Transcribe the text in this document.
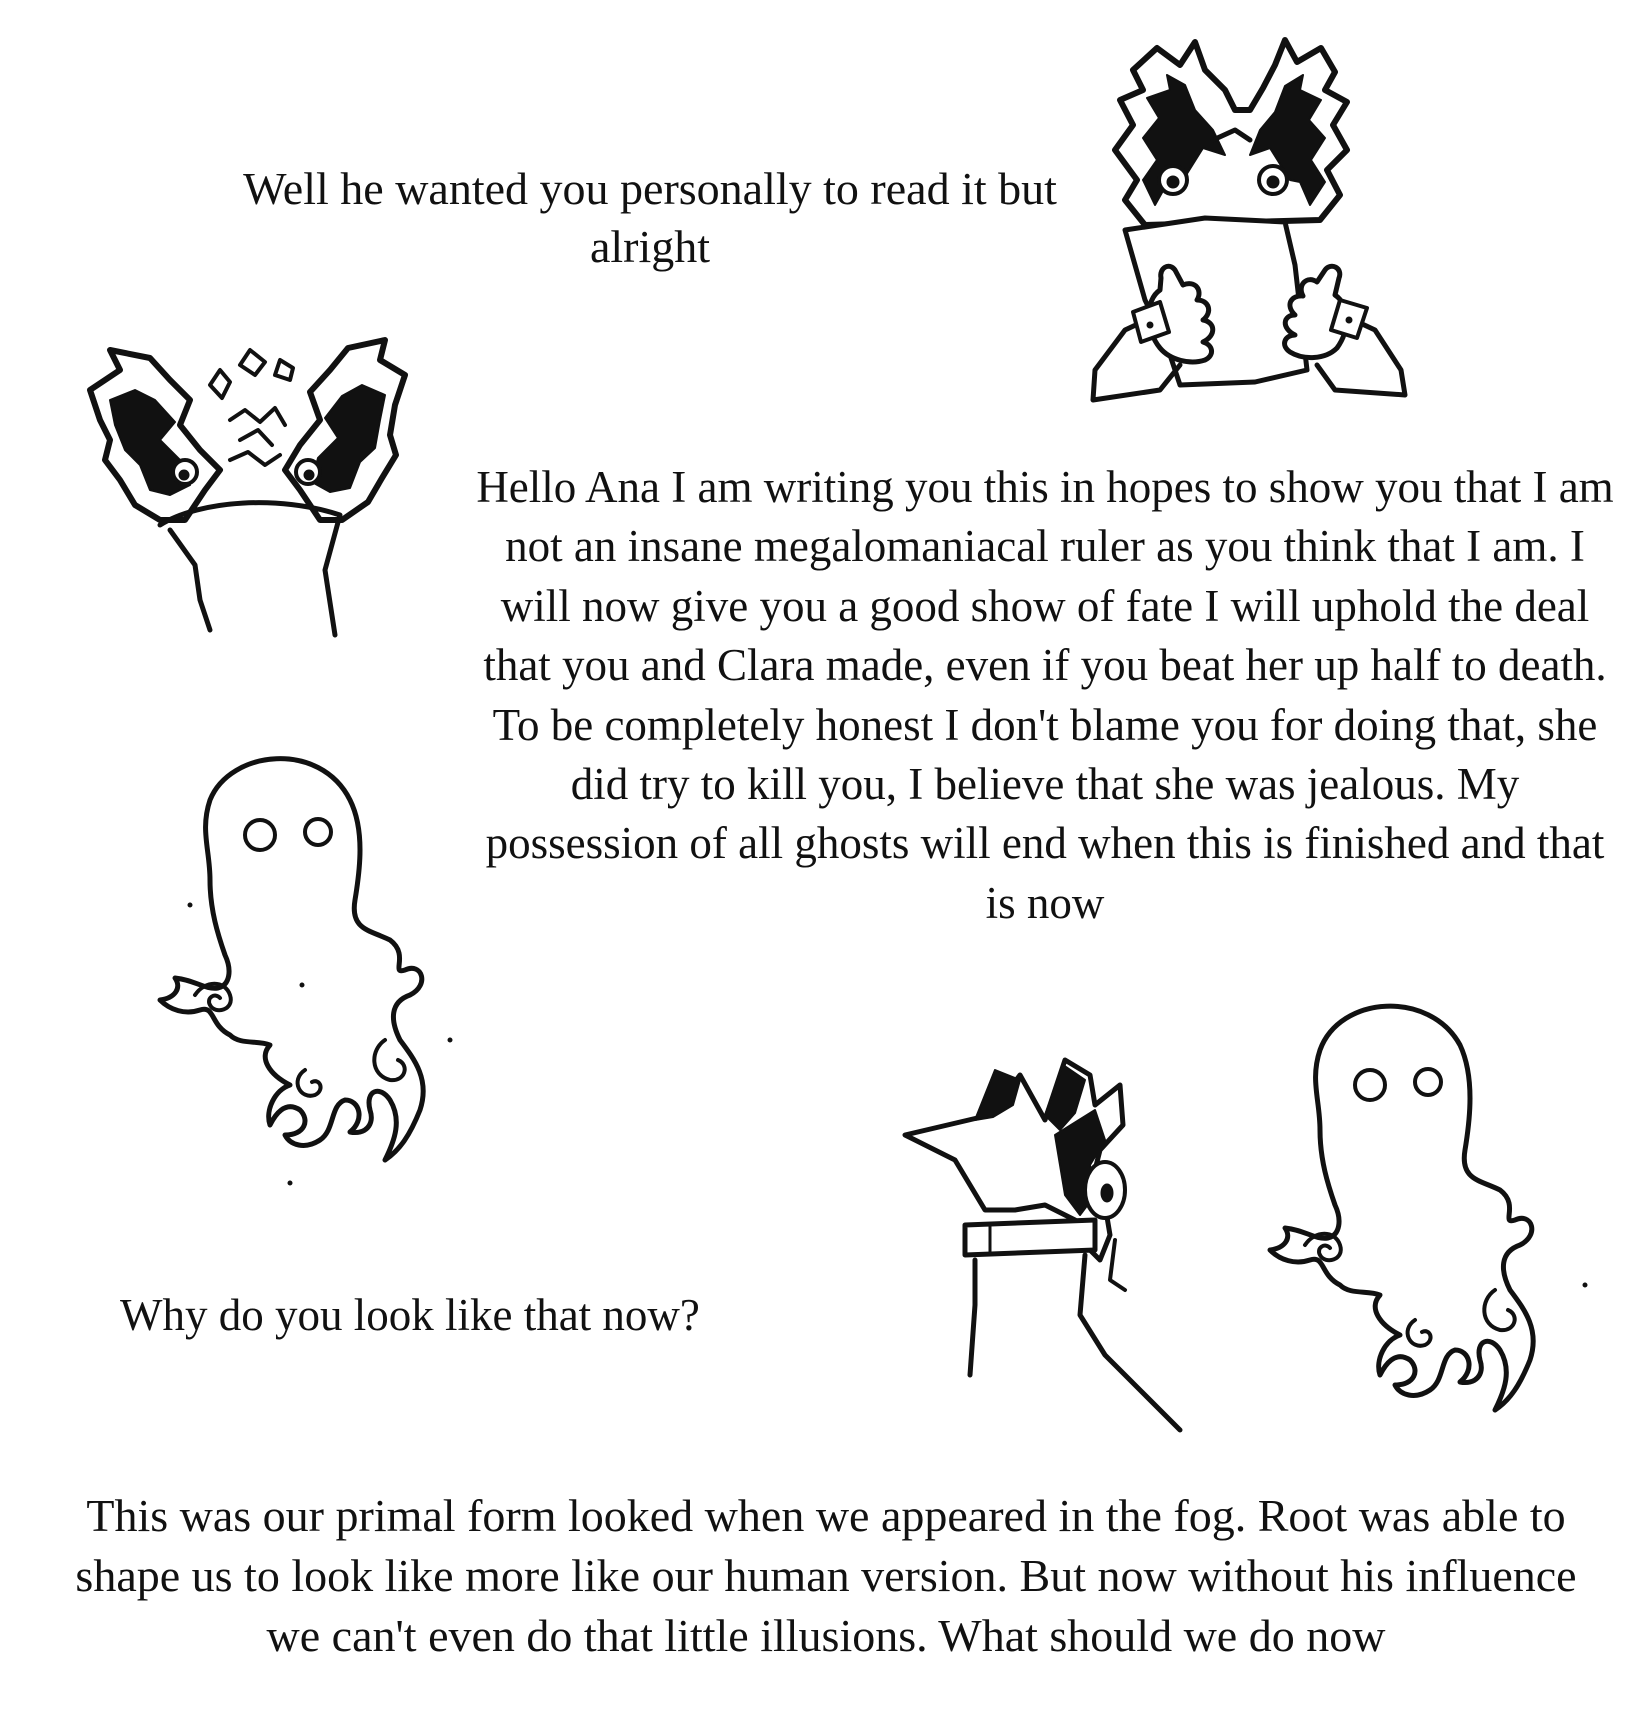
Well he wanted you personally to read it but alright

Hello Ana I am writing you this in hopes to show you that I am not an insane megalomaniacal ruler as you think that I am. I will now give you a good show of fate I will uphold the deal that you and Clara made, even if you beat her up half to death. To be completely honest I don't blame you for doing that, she did try to kill you, I believe that she was jealous. My possession of all ghosts will end when this is finished and that is now

Why do you look like that now?

This was our primal form looked when we appeared in the fog. Root was able to shape us to look like more like our human version. But now without his influence we can't even do that little illusions. What should we do now
